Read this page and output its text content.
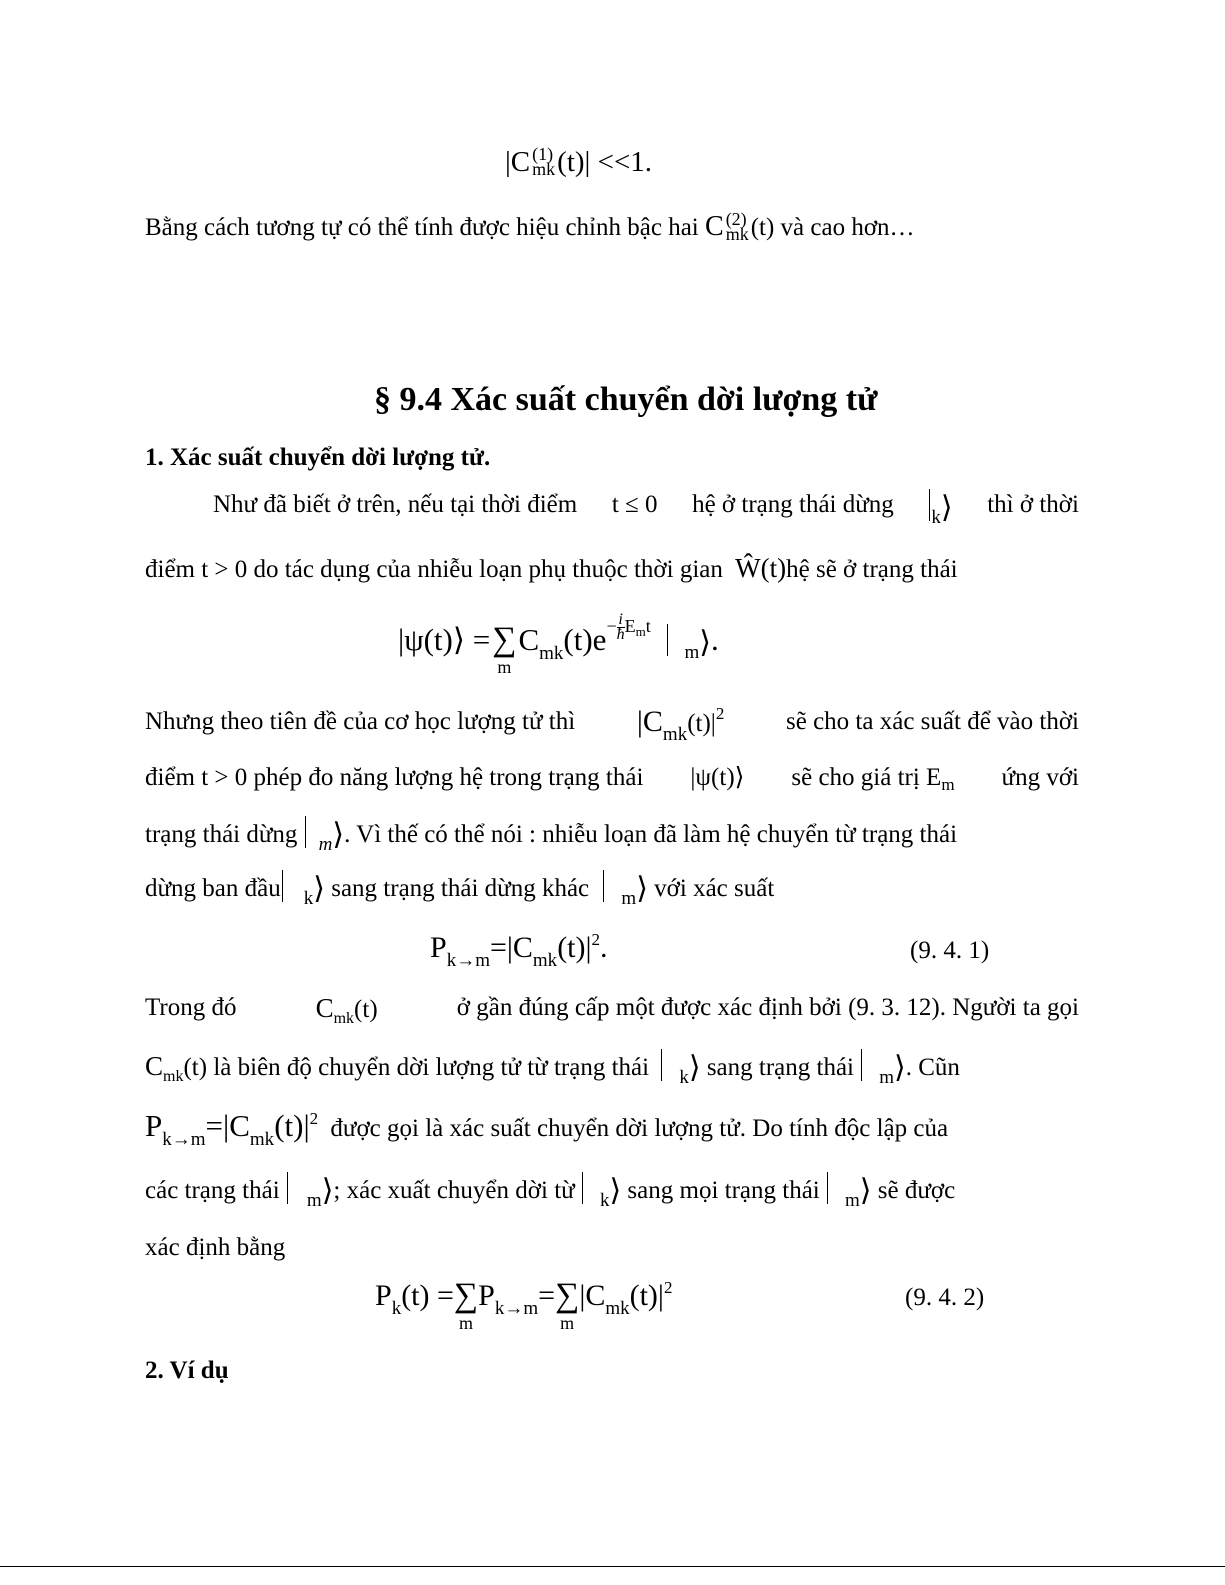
|C (1)
mk (t)| <<1.
Bằng cách tương tự có thể tính được hiệu chỉnh bậc hai C (2)
mk (t) và cao hơn…
§ 9.4 Xác suất chuyển dời lượng tử
1. Xác suất chuyển dời lượng tử.
Như đã biết ở trên, nếu tại thời điểm t ≤ 0 hệ ở trạng thái dừng $_k$⟩ thì ở thời
điểm t > 0 do tác dụng của nhiễu loạn phụ thuộc thời gian Ŵ(t)hệ sẽ ở trạng thái
|ψ(t)⟩ = ∑
m
$C_{mk}(t)e^{- \frac{i}{ħ} E_mt}$ $_m$⟩.
Nhưng theo tiên đề của cơ học lượng tử thì $|C_{mk}(t)|^2$ sẽ cho ta xác suất để vào thời
điểm t > 0 phép đo năng lượng hệ trong trạng thái |ψ(t)⟩ sẽ cho giá trị $E_m$ ứng với
trạng thái dừng $_m$⟩. Vì thế có thể nói : nhiễu loạn đã làm hệ chuyển từ trạng thái
dừng ban đầu $_k$⟩ sang trạng thái dừng khác $_m$⟩ với xác suất
$P_{k\to m}=|C_{mk}(t)|^2$.	(9. 4. 1)
Trong đó	$C_{mk}(t)$	ở gần đúng cấp một được xác định bởi (9. 3. 12). Người ta gọi
$C_{mk}(t)$ là biên độ chuyển dời lượng tử từ trạng thái $_k$⟩ sang trạng thái $_m$⟩. Cũn
$P_{k\to m}=|C_{mk}(t)|^2$ được gọi là xác suất chuyển dời lượng tử. Do tính độc lập của
các trạng thái $_m$⟩; xác xuất chuyển dời từ $_k$⟩ sang mọi trạng thái $_m$⟩ sẽ được
xác định bằng
$P_k(t)$ = ∑
m
$P_{k\to m}=$ ∑
m
$|C_{mk}(t)|^2$	(9. 4. 2)
2. Ví dụ
